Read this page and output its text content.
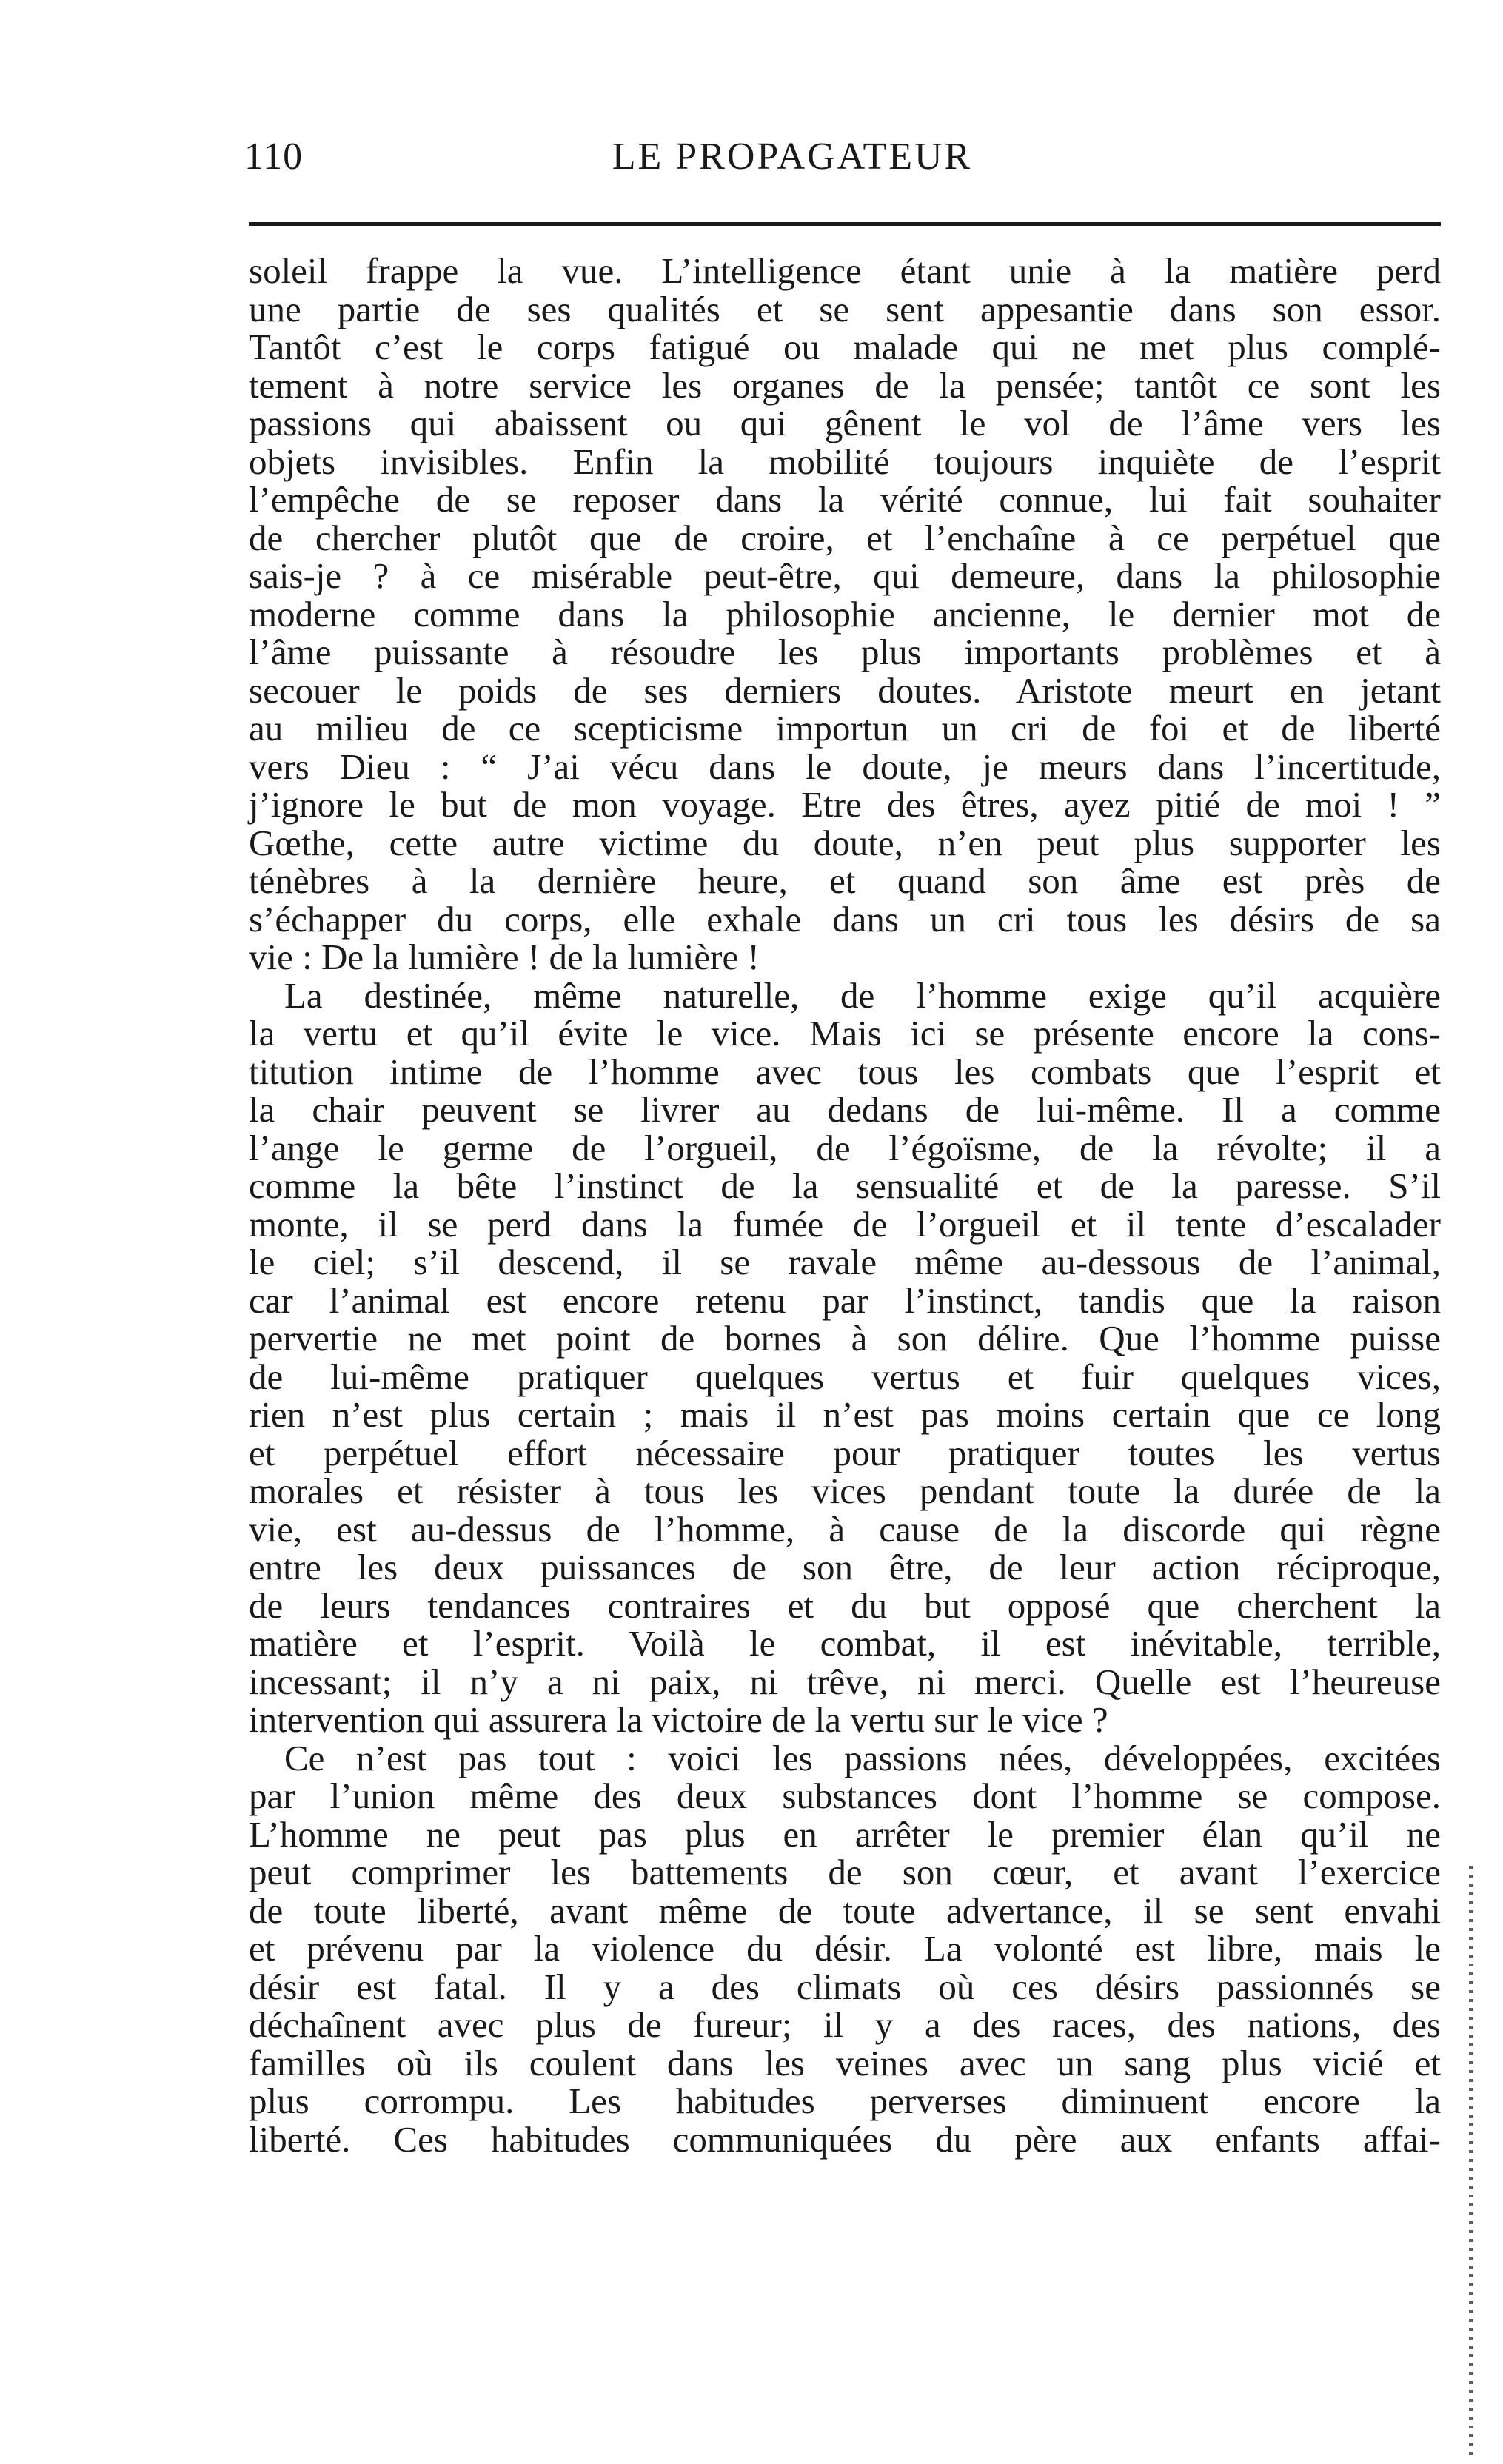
110	LE PROPAGATEUR
soleil frappe la vue. L’intelligence étant unie à la matière perd
une partie de ses qualités et se sent appesantie dans son essor.
Tantôt c’est le corps fatigué ou malade qui ne met plus complé-
tement à notre service les organes de la pensée; tantôt ce sont les
passions qui abaissent ou qui gênent le vol de l’âme vers les
objets invisibles. Enfin la mobilité toujours inquiète de l’esprit
l’empêche de se reposer dans la vérité connue, lui fait souhaiter
de chercher plutôt que de croire, et l’enchaîne à ce perpétuel que
sais-je ? à ce misérable peut-être, qui demeure, dans la philosophie
moderne comme dans la philosophie ancienne, le dernier mot de
l’âme puissante à résoudre les plus importants problèmes et à
secouer le poids de ses derniers doutes. Aristote meurt en jetant
au milieu de ce scepticisme importun un cri de foi et de liberté
vers Dieu : “ J’ai vécu dans le doute, je meurs dans l’incertitude,
j’ignore le but de mon voyage. Etre des êtres, ayez pitié de moi ! ”
Gœthe, cette autre victime du doute, n’en peut plus supporter les
ténèbres à la dernière heure, et quand son âme est près de
s’échapper du corps, elle exhale dans un cri tous les désirs de sa
vie : De la lumière ! de la lumière !
La destinée, même naturelle, de l’homme exige qu’il acquière
la vertu et qu’il évite le vice. Mais ici se présente encore la cons-
titution intime de l’homme avec tous les combats que l’esprit et
la chair peuvent se livrer au dedans de lui-même. Il a comme
l’ange le germe de l’orgueil, de l’égoïsme, de la révolte; il a
comme la bête l’instinct de la sensualité et de la paresse. S’il
monte, il se perd dans la fumée de l’orgueil et il tente d’escalader
le ciel; s’il descend, il se ravale même au-dessous de l’animal,
car l’animal est encore retenu par l’instinct, tandis que la raison
pervertie ne met point de bornes à son délire. Que l’homme puisse
de lui-même pratiquer quelques vertus et fuir quelques vices,
rien n’est plus certain ; mais il n’est pas moins certain que ce long
et perpétuel effort nécessaire pour pratiquer toutes les vertus
morales et résister à tous les vices pendant toute la durée de la
vie, est au-dessus de l’homme, à cause de la discorde qui règne
entre les deux puissances de son être, de leur action réciproque,
de leurs tendances contraires et du but opposé que cherchent la
matière et l’esprit. Voilà le combat, il est inévitable, terrible,
incessant; il n’y a ni paix, ni trêve, ni merci. Quelle est l’heureuse
intervention qui assurera la victoire de la vertu sur le vice ?
Ce n’est pas tout : voici les passions nées, développées, excitées
par l’union même des deux substances dont l’homme se compose.
L’homme ne peut pas plus en arrêter le premier élan qu’il ne
peut comprimer les battements de son cœur, et avant l’exercice
de toute liberté, avant même de toute advertance, il se sent envahi
et prévenu par la violence du désir. La volonté est libre, mais le
désir est fatal. Il y a des climats où ces désirs passionnés se
déchaînent avec plus de fureur; il y a des races, des nations, des
familles où ils coulent dans les veines avec un sang plus vicié et
plus corrompu. Les habitudes perverses diminuent encore la
liberté. Ces habitudes communiquées du père aux enfants affai-
